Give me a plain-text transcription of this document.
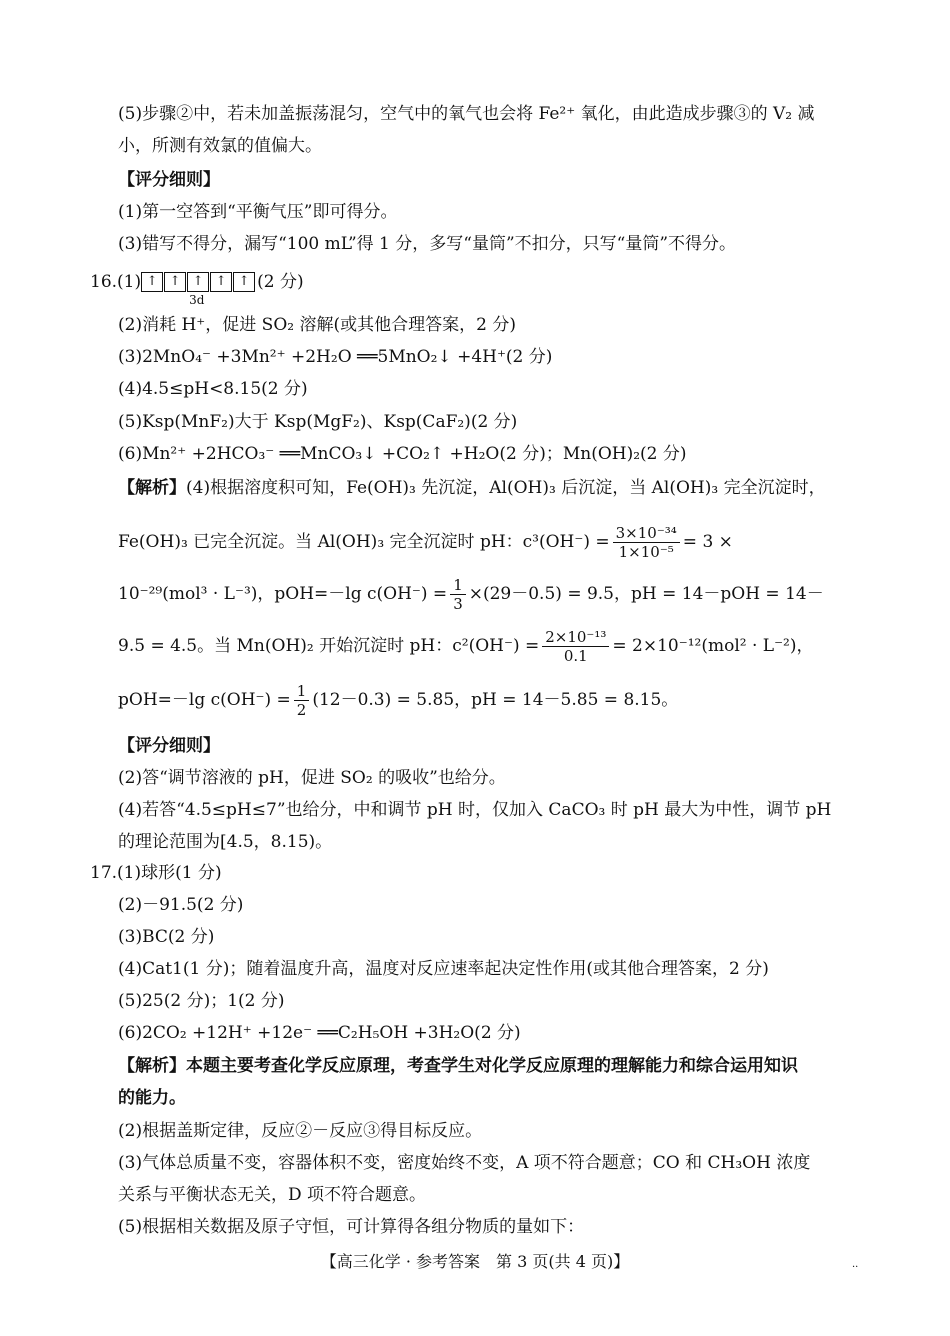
(5)步骤②中，若未加盖振荡混匀，空气中的氧气也会将 Fe²⁺ 氧化，由此造成步骤③的 V₂ 减
小，所测有效氯的值偏大。
【评分细则】
(1)第一空答到“平衡气压”即可得分。
(3)错写不得分，漏写“100 mL”得 1 分，多写“量筒”不扣分，只写“量筒”不得分。
16.(1) ↑ ↑ ↑ ↑ ↑
3d
(2 分)
(2)消耗 H⁺，促进 SO₂ 溶解(或其他合理答案，2 分)
(3)2MnO₄⁻ +3Mn²⁺ +2H₂O ══5MnO₂↓ +4H⁺(2 分)
(4)4.5≤pH<8.15(2 分)
(5)Ksp(MnF₂)大于 Ksp(MgF₂)、Ksp(CaF₂)(2 分)
(6)Mn²⁺ +2HCO₃⁻ ══MnCO₃↓ +CO₂↑ +H₂O(2 分)；Mn(OH)₂(2 分)
【解析】(4)根据溶度积可知，Fe(OH)₃ 先沉淀，Al(OH)₃ 后沉淀，当 Al(OH)₃ 完全沉淀时，
Fe(OH)₃ 已完全沉淀。当 Al(OH)₃ 完全沉淀时 pH：$c^3(OH^-) = \frac{\text{3×10⁻³⁴}}{\text{1×10⁻⁵}} = 3$ ×
10⁻²⁹(mol³ · L⁻³)，pOH=－lg $c(OH^-) = \frac{1}{3} \times(29-0.5) = 9.5$，pH = 14－pOH = 14－
9.5 = 4.5。当 Mn(OH)₂ 开始沉淀时 pH：$c^2(OH^-) = \frac{\text{2×10⁻¹³}}{0.1} = 2\times 10^{-12}(mol^2 \cdot L^{-2})$，
pOH=－lg $c(OH^-) = \frac{1}{2} (12-0.3) = 5.85$，pH = 14－5.85 = 8.15。
【评分细则】
(2)答“调节溶液的 pH，促进 SO₂ 的吸收”也给分。
(4)若答“4.5≤pH≤7”也给分，中和调节 pH 时，仅加入 CaCO₃ 时 pH 最大为中性，调节 pH
的理论范围为[4.5，8.15)。
17.(1)球形(1 分)
(2)－91.5(2 分)
(3)BC(2 分)
(4)Cat1(1 分)；随着温度升高，温度对反应速率起决定性作用(或其他合理答案，2 分)
(5)25(2 分)；1(2 分)
(6)2CO₂ +12H⁺ +12e⁻ ══C₂H₅OH +3H₂O(2 分)
【解析】本题主要考查化学反应原理，考查学生对化学反应原理的理解能力和综合运用知识
的能力。
(2)根据盖斯定律，反应②－反应③得目标反应。
(3)气体总质量不变，容器体积不变，密度始终不变，A 项不符合题意；CO 和 CH₃OH 浓度
关系与平衡状态无关，D 项不符合题意。
(5)根据相关数据及原子守恒，可计算得各组分物质的量如下：
【高三化学 · 参考答案　第 3 页(共 4 页)】	··
